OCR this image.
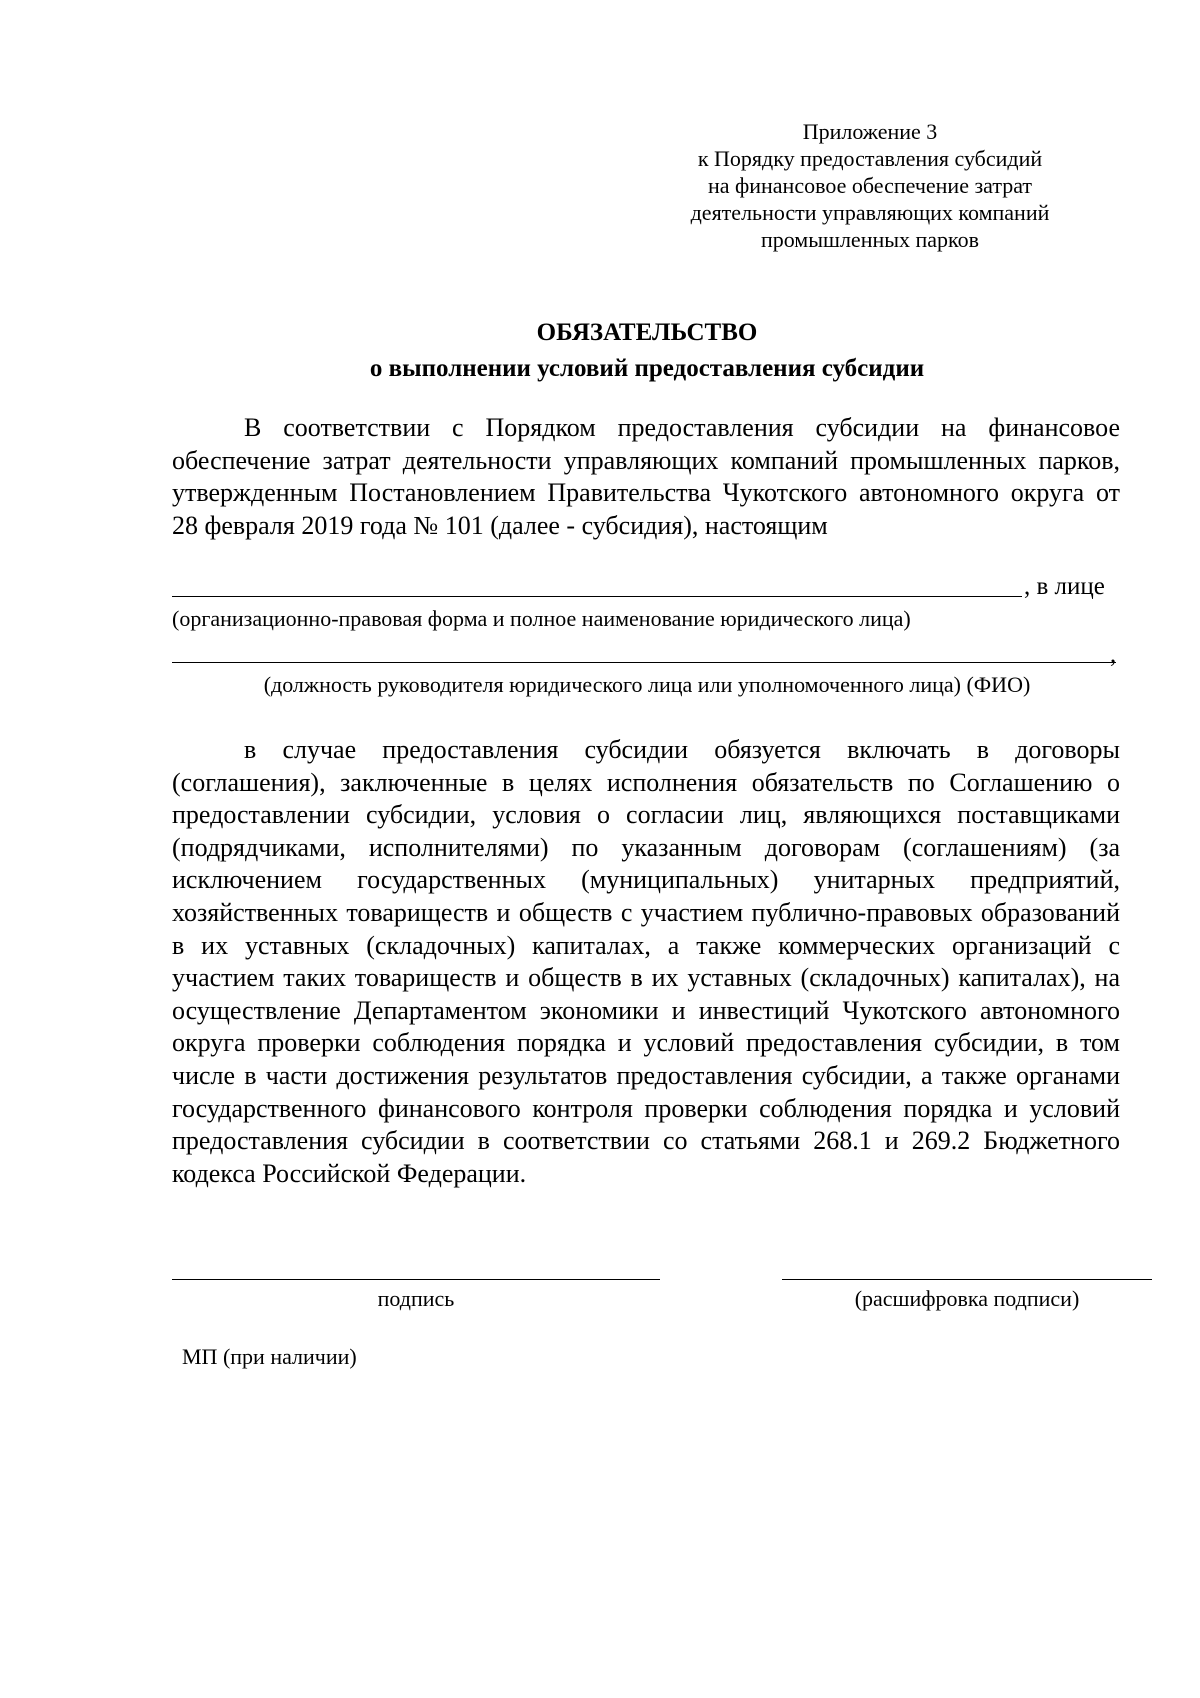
Приложение 3
к Порядку предоставления субсидий
на финансовое обеспечение затрат
деятельности управляющих компаний
промышленных парков
ОБЯЗАТЕЛЬСТВО
о выполнении условий предоставления субсидии
В соответствии с Порядком предоставления субсидии на финансовое обеспечение затрат деятельности управляющих компаний промышленных парков, утвержденным Постановлением Правительства Чукотского автономного округа от 28 февраля 2019 года № 101 (далее - субсидия), настоящим
, в лице
(организационно-правовая форма и полное наименование юридического лица)
,
(должность руководителя юридического лица или уполномоченного лица) (ФИО)
в случае предоставления субсидии обязуется включать в договоры (соглашения), заключенные в целях исполнения обязательств по Соглашению о предоставлении субсидии, условия о согласии лиц, являющихся поставщиками (подрядчиками, исполнителями) по указанным договорам (соглашениям) (за исключением государственных (муниципальных) унитарных предприятий, хозяйственных товариществ и обществ с участием публично-правовых образований в их уставных (складочных) капиталах, а также коммерческих организаций с участием таких товариществ и обществ в их уставных (складочных) капиталах), на осуществление Департаментом экономики и инвестиций Чукотского автономного округа проверки соблюдения порядка и условий предоставления субсидии, в том числе в части достижения результатов предоставления субсидии, а также органами государственного финансового контроля проверки соблюдения порядка и условий предоставления субсидии в соответствии со статьями 268.1 и 269.2 Бюджетного кодекса Российской Федерации.
подпись	(расшифровка подписи)
МП (при наличии)
